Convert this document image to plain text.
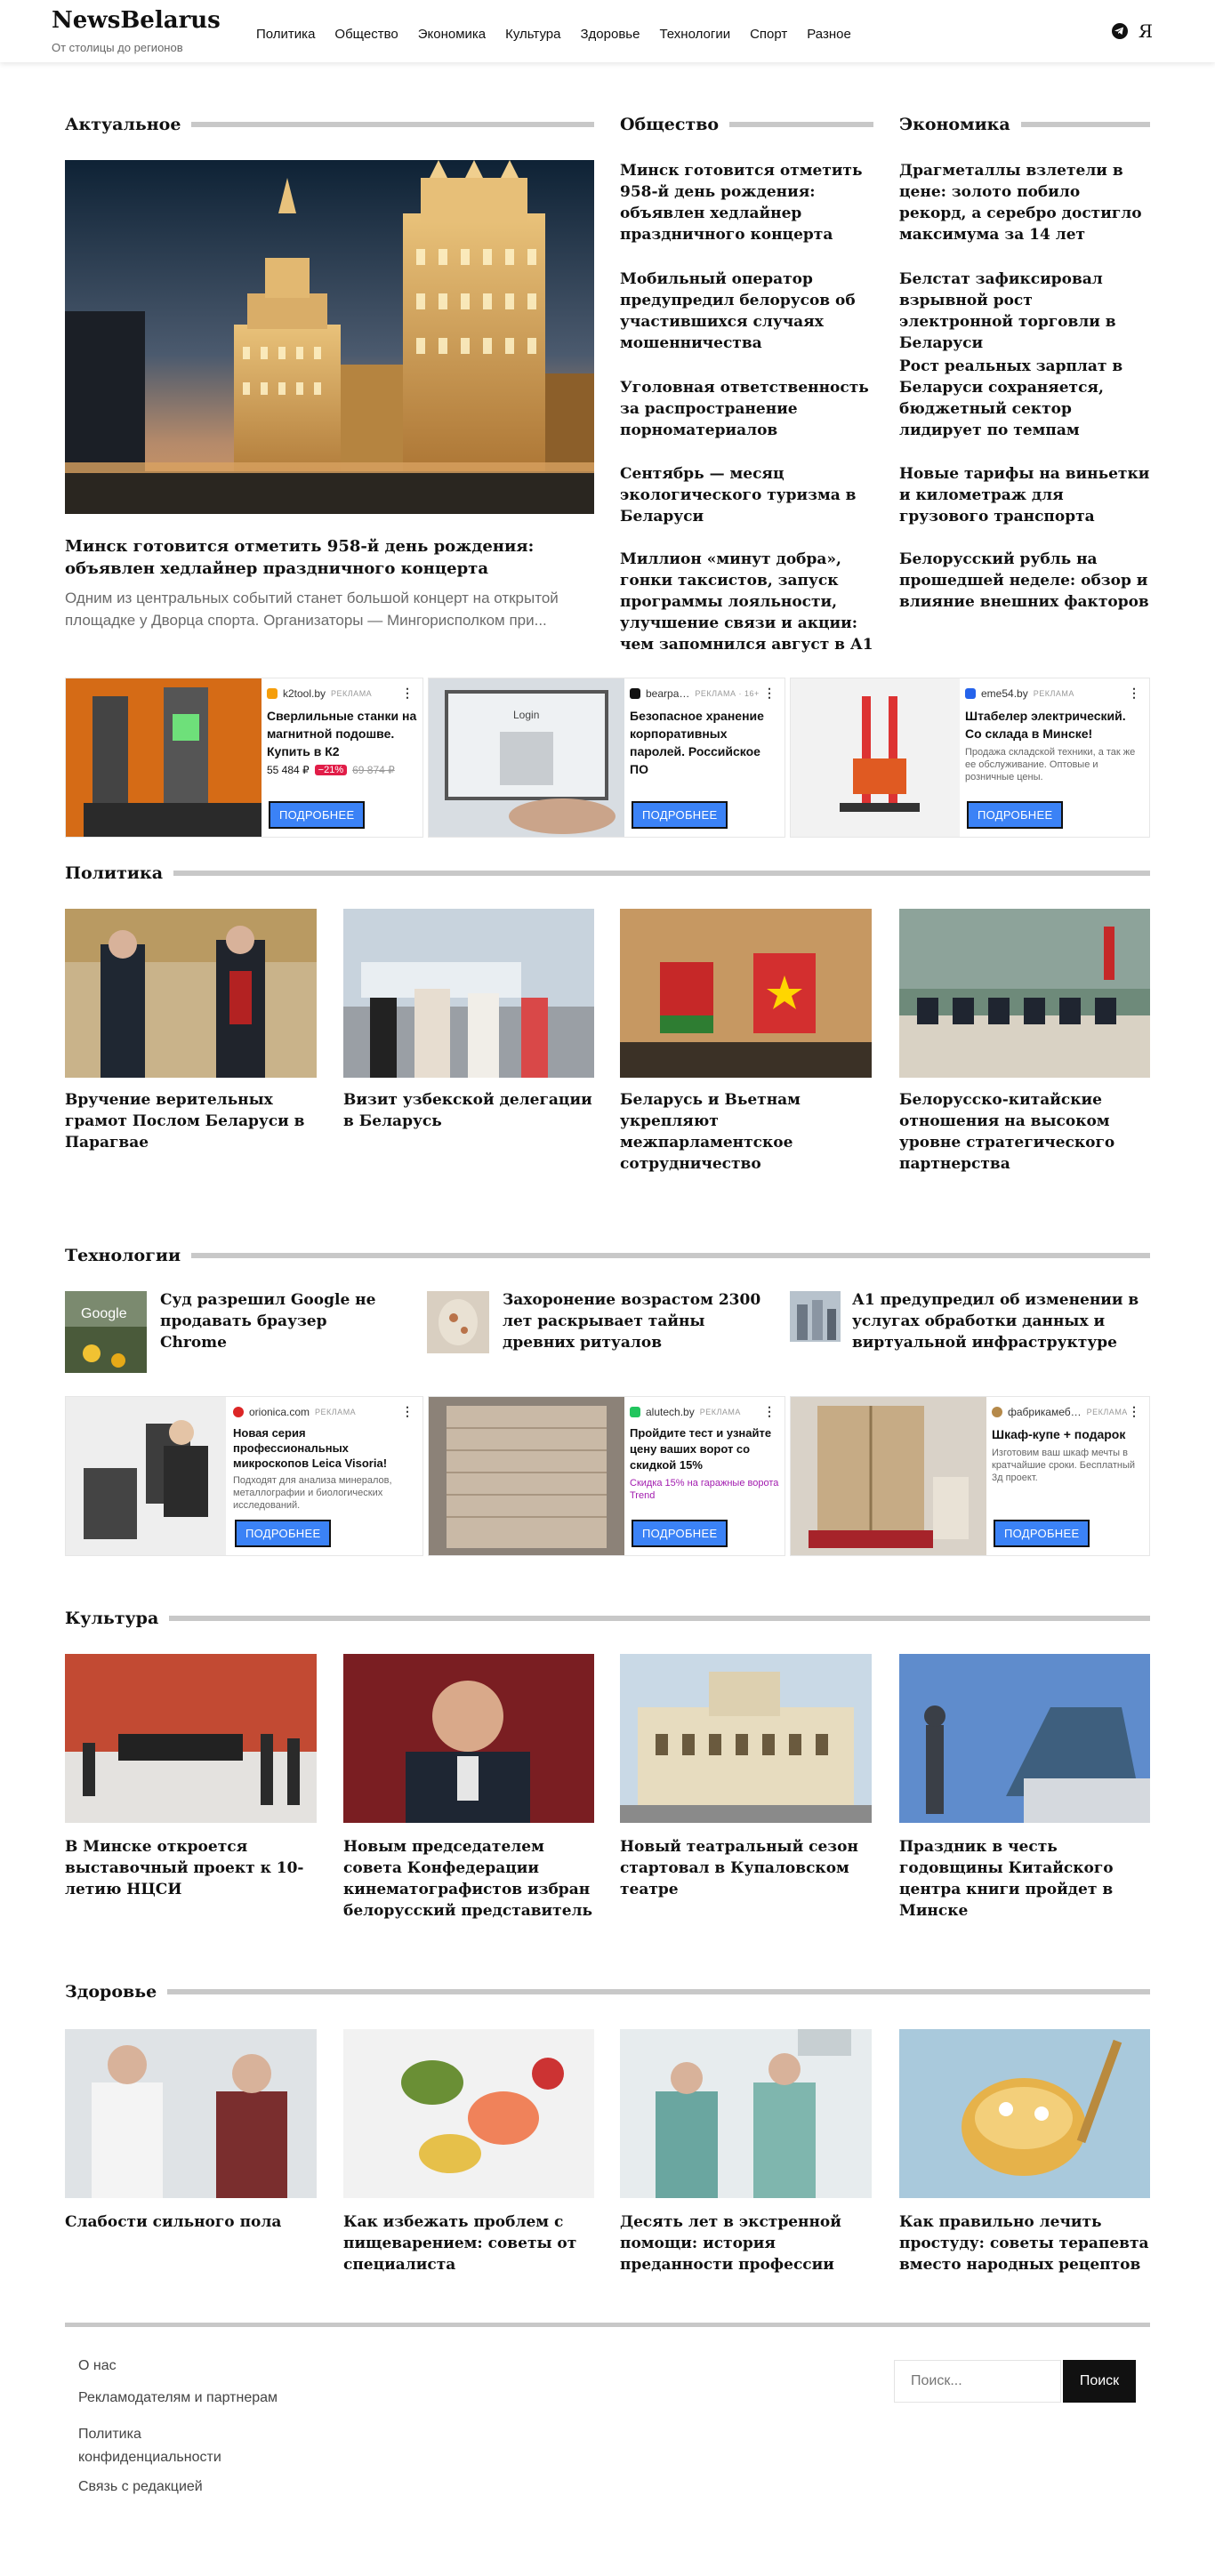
NewsBelarus
От столицы до регионов
Политика Общество Экономика Культура Здоровье Технологии Спорт Разное	Я
Актуальное	Общество	Экономика
Минск готовится отметить 958-й день рождения: объявлен хедлайнер праздничного концерта
Одним из центральных событий станет большой концерт на открытой площадке у Дворца спорта. Организаторы — Мингорисполком при...
Минск готовится отметить 958-й день рождения: объявлен хедлайнер праздничного концерта
Мобильный оператор предупредил белорусов об участившихся случаях мошенничества
Уголовная ответственность за распространение порноматериалов
Сентябрь — месяц экологического туризма в Беларуси
Миллион «минут добра», гонки таксистов, запуск программы лояльности, улучшение связи и акции: чем запомнился август в А1
Драгметаллы взлетели в цене: золото побило рекорд, а серебро достигло максимума за 14 лет
Белстат зафиксировал взрывной рост электронной торговли в Беларуси
Рост реальных зарплат в Беларуси сохраняется, бюджетный сектор лидирует по темпам
Новые тарифы на виньетки и километраж для грузового транспорта
Белорусский рубль на прошедшей неделе: обзор и влияние внешних факторов
k2tool.by РЕКЛАМА
Сверлильные станки на магнитной подошве. Купить в К2
55 484 ₽ −21% 69 874 ₽
⋮
ПОДРОБНЕЕ
Login
bearpa… РЕКЛАМА · 16+
Безопасное хранение корпоративных паролей. Российское ПО
⋮
ПОДРОБНЕЕ
eme54.by РЕКЛАМА
Штабелер электрический. Со склада в Минске!
Продажа складской техники, а так же ее обслуживание. Оптовые и розничные цены.
⋮
ПОДРОБНЕЕ
Политика
Вручение верительных грамот Послом Беларуси в Парагвае
Визит узбекской делегации в Беларусь
Беларусь и Вьетнам укрепляют межпарламентское сотрудничество
Белорусско-китайские отношения на высоком уровне стратегического партнерства
Технологии
Google
Суд разрешил Google не продавать браузер Chrome
Захоронение возрастом 2300 лет раскрывает тайны древних ритуалов
А1 предупредил об изменении в услугах обработки данных и виртуальной инфраструктуре
orionica.com РЕКЛАМА
Новая серия профессиональных микроскопов Leica Visoria!
Подходят для анализа минералов, металлографии и биологических исследований.
⋮
ПОДРОБНЕЕ
alutech.by РЕКЛАМА
Пройдите тест и узнайте цену ваших ворот со скидкой 15%
Скидка 15% на гаражные ворота Trend
⋮
ПОДРОБНЕЕ
фабрикамеб… РЕКЛАМА
Шкаф-купе + подарок
Изготовим ваш шкаф мечты в кратчайшие сроки. Бесплатный 3д проект.
⋮
ПОДРОБНЕЕ
Культура
В Минске откроется выставочный проект к 10-летию НЦСИ
Новым председателем совета Конфедерации кинематографистов избран белорусский представитель
Новый театральный сезон стартовал в Купаловском театре
Праздник в честь годовщины Китайского центра книги пройдет в Минске
Здоровье
Слабости сильного пола	Как избежать проблем с пищеварением: советы от специалиста
Десять лет в экстренной помощи: история преданности профессии
Как правильно лечить простуду: советы терапевта вместо народных рецептов
О нас
Рекламодателям и партнерам
Политика конфиденциальности
Связь с редакцией
Поиск...
Поиск
